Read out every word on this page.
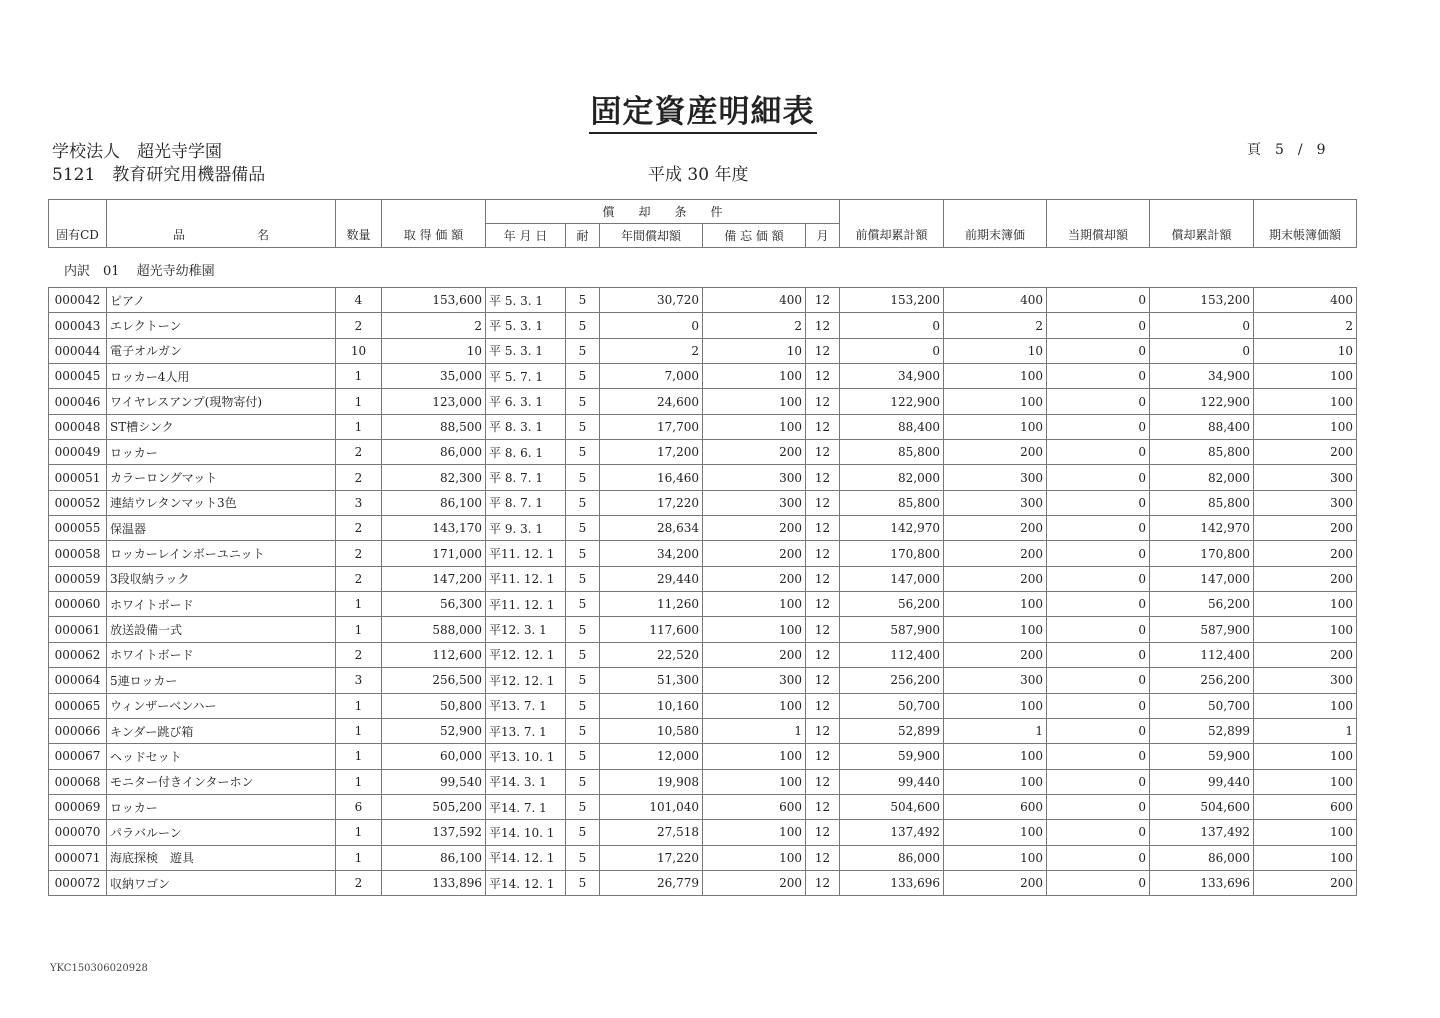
固定資産明細表
学校法人　超光寺学園
5121　教育研究用機器備品	平成 30 年度
頁　5　/　9
固有CD	品　　　　　　名	数量	取 得 価 額	償　　却　　条　　件					前償却累計額	前期末簿価	当期償却額	償却累計額	期末帳簿価額
				年 月 日	耐	年間償却額	備 忘 価 額	月					

000042	ピアノ	4	153,600	平 5. 3. 1	5	30,720	400	12	153,200	400	0	153,200	400
000043	エレクトーン	2	2	平 5. 3. 1	5	0	2	12	0	2	0	0	2
000044	電子オルガン	10	10	平 5. 3. 1	5	2	10	12	0	10	0	0	10
000045	ロッカー4人用	1	35,000	平 5. 7. 1	5	7,000	100	12	34,900	100	0	34,900	100
000046	ワイヤレスアンプ(現物寄付)	1	123,000	平 6. 3. 1	5	24,600	100	12	122,900	100	0	122,900	100
000048	ST槽シンク	1	88,500	平 8. 3. 1	5	17,700	100	12	88,400	100	0	88,400	100
000049	ロッカー	2	86,000	平 8. 6. 1	5	17,200	200	12	85,800	200	0	85,800	200
000051	カラーロングマット	2	82,300	平 8. 7. 1	5	16,460	300	12	82,000	300	0	82,000	300
000052	連結ウレタンマット3色	3	86,100	平 8. 7. 1	5	17,220	300	12	85,800	300	0	85,800	300
000055	保温器	2	143,170	平 9. 3. 1	5	28,634	200	12	142,970	200	0	142,970	200
000058	ロッカーレインボーユニット	2	171,000	平11. 12. 1	5	34,200	200	12	170,800	200	0	170,800	200
000059	3段収納ラック	2	147,200	平11. 12. 1	5	29,440	200	12	147,000	200	0	147,000	200
000060	ホワイトボード	1	56,300	平11. 12. 1	5	11,260	100	12	56,200	100	0	56,200	100
000061	放送設備一式	1	588,000	平12. 3. 1	5	117,600	100	12	587,900	100	0	587,900	100
000062	ホワイトボード	2	112,600	平12. 12. 1	5	22,520	200	12	112,400	200	0	112,400	200
000064	5連ロッカー	3	256,500	平12. 12. 1	5	51,300	300	12	256,200	300	0	256,200	300
000065	ウィンザーベンハー	1	50,800	平13. 7. 1	5	10,160	100	12	50,700	100	0	50,700	100
000066	キンダー跳び箱	1	52,900	平13. 7. 1	5	10,580	1	12	52,899	1	0	52,899	1
000067	ヘッドセット	1	60,000	平13. 10. 1	5	12,000	100	12	59,900	100	0	59,900	100
000068	モニター付きインターホン	1	99,540	平14. 3. 1	5	19,908	100	12	99,440	100	0	99,440	100
000069	ロッカー	6	505,200	平14. 7. 1	5	101,040	600	12	504,600	600	0	504,600	600
000070	パラバルーン	1	137,592	平14. 10. 1	5	27,518	100	12	137,492	100	0	137,492	100
000071	海底探検　遊具	1	86,100	平14. 12. 1	5	17,220	100	12	86,000	100	0	86,000	100
000072	収納ワゴン	2	133,896	平14. 12. 1	5	26,779	200	12	133,696	200	0	133,696	200
内訳　01　 超光寺幼稚園
YKC150306020928
